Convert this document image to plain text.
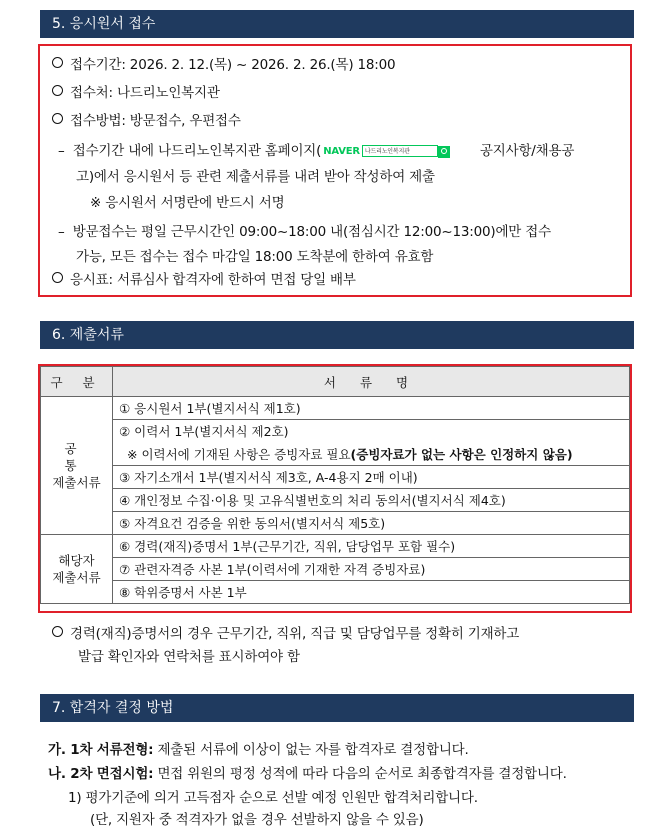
5. 응시원서 접수
접수기간: 2026. 2. 12.(목) ~ 2026. 2. 26.(목) 18:00
접수처: 나드리노인복지관
접수방법: 방문접수, 우편접수
–  접수기간 내에 나드리노인복지관 홈페이지( NAVER 나드리노인복지관	공지사항/채용공
고)에서 응시원서 등 관련 제출서류를 내려 받아 작성하여 제출
※ 응시원서 서명란에 반드시 서명
–  방문접수는 평일 근무시간인 09:00~18:00 내(점심시간 12:00~13:00)에만 접수
가능, 모든 접수는 접수 마감일 18:00 도착분에 한하여 유효함
응시표: 서류심사 합격자에 한하여 면접 당일 배부
6. 제출서류
구 분	서 류 명
공 통
제출서류	① 응시원서 1부(별지서식 제1호)
	② 이력서 1부(별지서식 제2호)
	※ 이력서에 기재된 사항은 증빙자료 필요(증빙자료가 없는 사항은 인정하지 않음)
	③ 자기소개서 1부(별지서식 제3호, A-4용지 2매 이내)
	④ 개인정보 수집·이용 및 고유식별번호의 처리 동의서(별지서식 제4호)
	⑤ 자격요건 검증을 위한 동의서(별지서식 제5호)
해당자
제출서류	⑥ 경력(재직)증명서 1부(근무기간, 직위, 담당업무 포함 필수)
	⑦ 관련자격증 사본 1부(이력서에 기재한 자격 증빙자료)
	⑧ 학위증명서 사본 1부
경력(재직)증명서의 경우 근무기간, 직위, 직급 및 담당업무를 정확히 기재하고
발급 확인자와 연락처를 표시하여야 함
7. 합격자 결정 방법
가. 1차 서류전형: 제출된 서류에 이상이 없는 자를 합격자로 결정합니다.
나. 2차 면접시험: 면접 위원의 평정 성적에 따라 다음의 순서로 최종합격자를 결정합니다.
1) 평가기준에 의거 고득점자 순으로 선발 예정 인원만 합격처리합니다.
(단, 지원자 중 적격자가 없을 경우 선발하지 않을 수 있음)
